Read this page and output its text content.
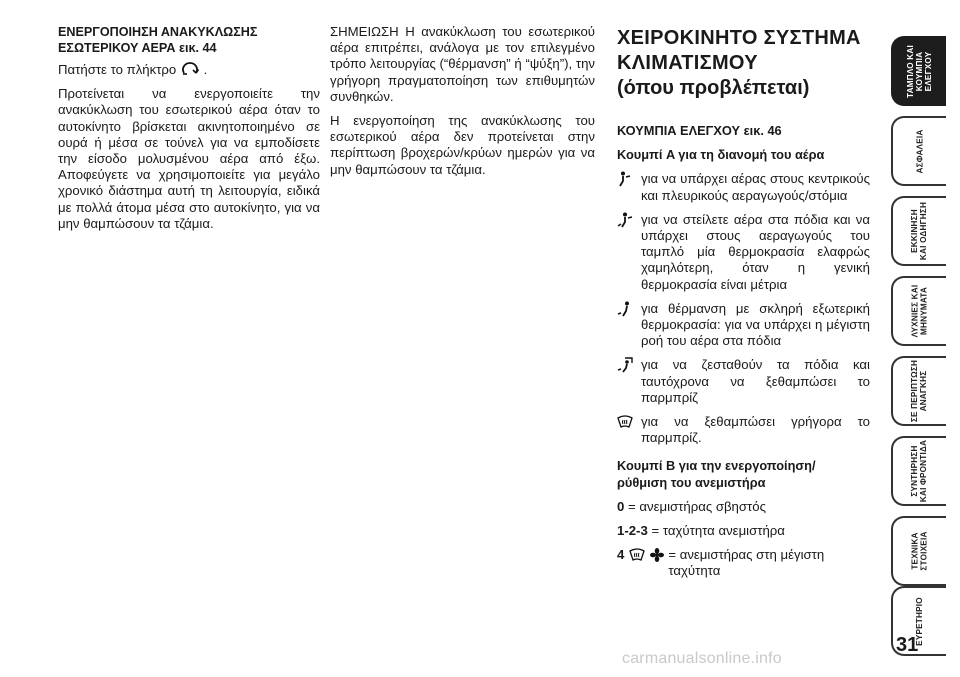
ΕΝΕΡΓΟΠΟΙΗΣΗ ΑΝΑΚΥΚΛΩΣΗΣ
ΕΣΩΤΕΡΙΚΟΥ ΑΕΡΑ εικ. 44

Πατήστε το πλήκτρο .

Προτείνεται να ενεργοποιείτε την ανακύκλωση του εσωτερικού αέρα όταν το αυτοκίνητο βρίσκεται ακινητοποιημένο σε ουρά ή μέσα σε τούνελ για να εμποδίσετε την είσοδο μολυσμένου αέρα από έξω. Αποφεύγετε να χρησιμοποιείτε για μεγάλο χρονικό διάστημα αυτή τη λειτουργία, ειδικά με πολλά άτομα μέσα στο αυτοκίνητο, για να μην θαμπώσουν τα τζάμια.

ΣΗΜΕΙΩΣΗ Η ανακύκλωση του εσωτερικού αέρα επιτρέπει, ανάλογα με τον επιλεγμένο τρόπο λειτουργίας (“θέρμανση” ή “ψύξη”), την γρήγορη πραγματοποίηση των επιθυμητών συνθηκών.

Η ενεργοποίηση της ανακύκλωσης του εσωτερικού αέρα δεν προτείνεται στην περίπτωση βροχερών/κρύων ημερών για να μην θαμπώσουν τα τζάμια.

ΧΕΙΡΟΚΙΝΗΤΟ ΣΥΣΤΗΜΑ
ΚΛΙΜΑΤΙΣΜΟΥ
(όπου προβλέπεται)

ΚΟΥΜΠΙΑ ΕΛΕΓΧΟΥ εικ. 46

Κουμπί A για τη διανομή του αέρα

για να υπάρχει αέρας στους κεντρικούς και πλευρικούς αεραγωγούς/στόμια
για να στείλετε αέρα στα πόδια και να υπάρχει στους αεραγωγούς του ταμπλό μία θερμοκρασία ελαφρώς χαμηλότερη, όταν η γενική θερμοκρασία είναι μέτρια
για θέρμανση με σκληρή εξωτερική θερμοκρασία: για να υπάρχει η μέγιστη ροή του αέρα στα πόδια
για να ζεσταθούν τα πόδια και ταυτόχρονα να ξεθαμπώσει το παρμπρίζ
για να ξεθαμπώσει γρήγορα το παρμπρίζ.

Κουμπί B για την ενεργοποίηση/
ρύθμιση του ανεμιστήρα

0 = ανεμιστήρας σβηστός
1-2-3 = ταχύτητα ανεμιστήρα
4	= ανεμιστήρας στη μέγιστη ταχύτητα
ΤΑΜΠΛΟ ΚΑΙ
ΚΟΥΜΠΙΑ
ΕΛΕΓΧΟΥ
ΑΣΦΑΛΕΙΑ
ΕΚΚΙΝΗΣΗ
ΚΑΙ ΟΔΗΓΗΣΗ
ΛΥΧΝΙΕΣ ΚΑΙ
ΜΗΝΥΜΑΤΑ
ΣΕ ΠΕΡΙΠΤΩΣΗ
ΑΝΑΓΚΗΣ
ΣΥΝΤΗΡΗΣΗ
ΚΑΙ ΦΡΟΝΤΙΔΑ
ΤΕΧΝΙΚΑ
ΣΤΟΙΧΕΙΑ
ΕΥΡΕΤΗΡΙΟ
31
carmanualsonline.info
